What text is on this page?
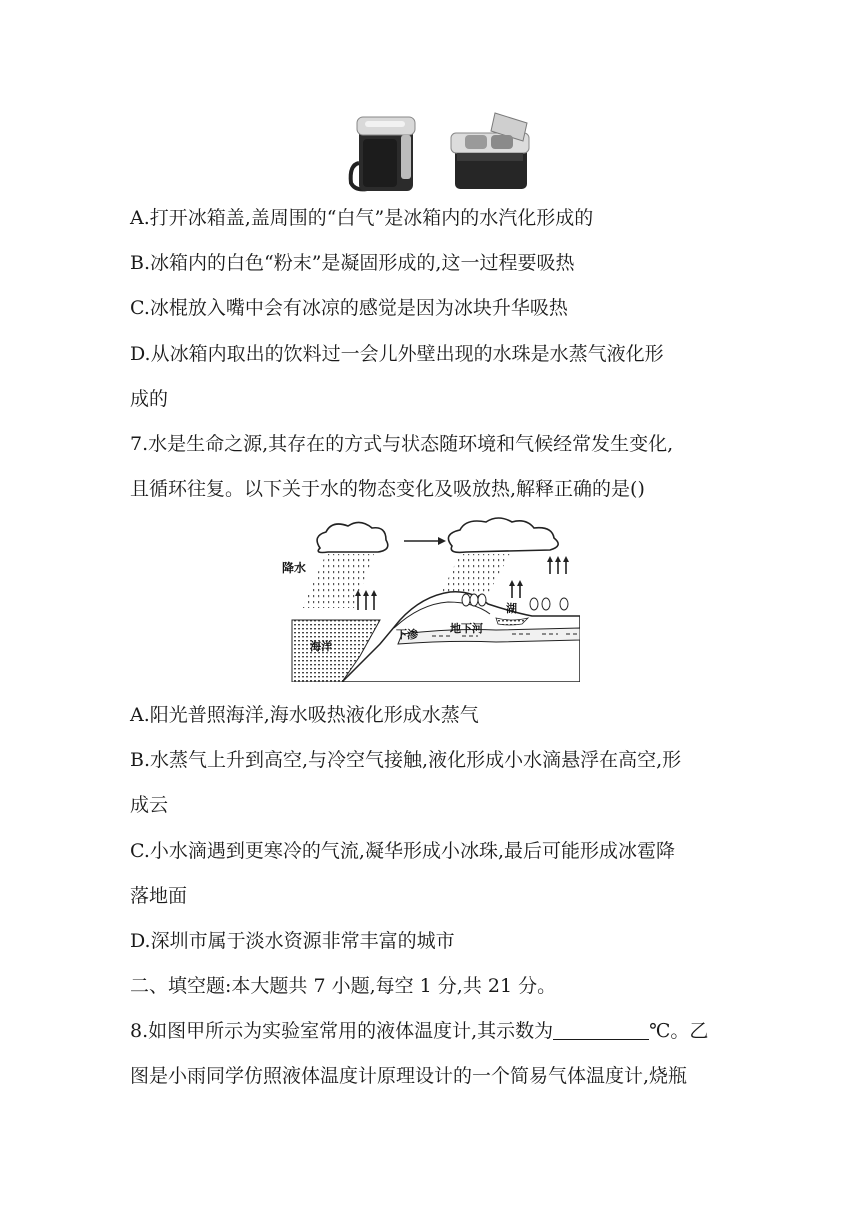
A.打开冰箱盖,盖周围的“白气”是冰箱内的水汽化形成的
B.冰箱内的白色“粉末”是凝固形成的,这一过程要吸热
C.冰棍放入嘴中会有冰凉的感觉是因为冰块升华吸热
D.从冰箱内取出的饮料过一会儿外壁出现的水珠是水蒸气液化形
成的
7.水是生命之源,其存在的方式与状态随环境和气候经常发生变化,
且循环往复。以下关于水的物态变化及吸放热,解释正确的是()
降水
海洋
下渗	地下河
湖
A.阳光普照海洋,海水吸热液化形成水蒸气
B.水蒸气上升到高空,与冷空气接触,液化形成小水滴悬浮在高空,形
成云
C.小水滴遇到更寒冷的气流,凝华形成小冰珠,最后可能形成冰雹降
落地面
D.深圳市属于淡水资源非常丰富的城市
二、填空题:本大题共 7 小题,每空 1 分,共 21 分。
8.如图甲所示为实验室常用的液体温度计,其示数为	℃。乙
图是小雨同学仿照液体温度计原理设计的一个简易气体温度计,烧瓶
